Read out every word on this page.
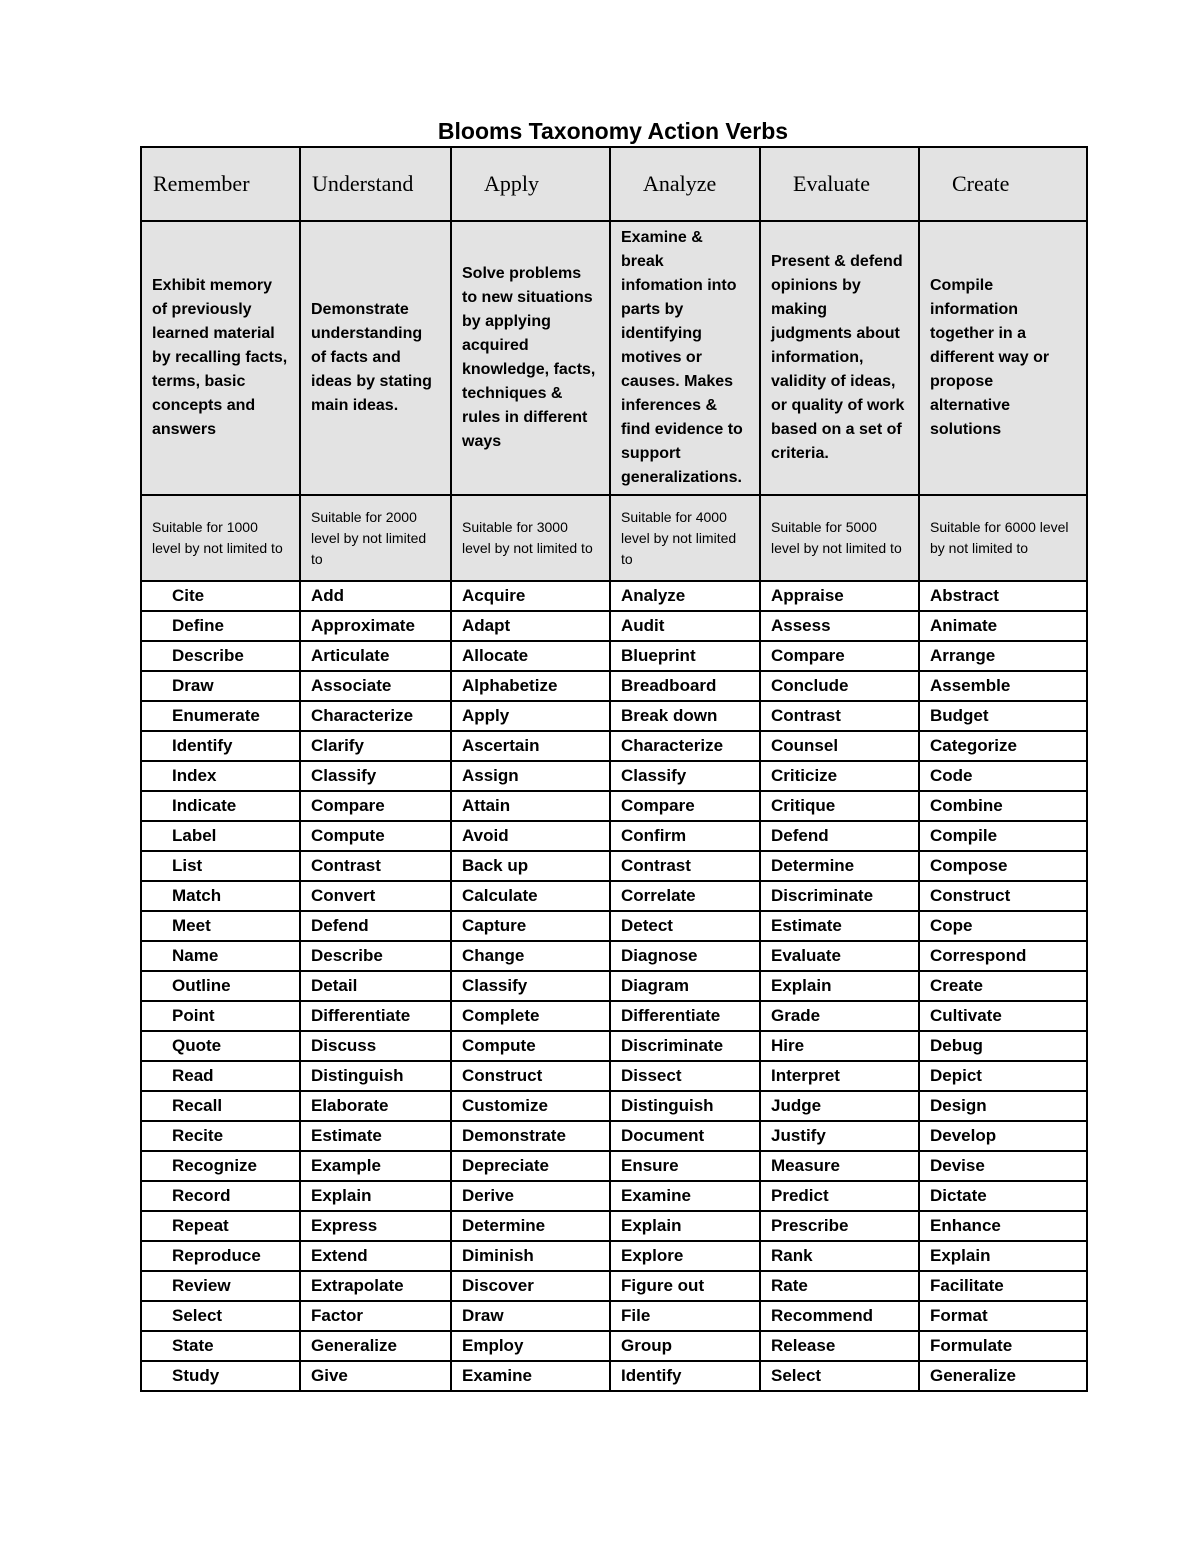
Blooms Taxonomy Action Verbs
Remember	Understand	Apply	Analyze	Evaluate	Create
Exhibit memory of previously learned material by recalling facts, terms, basic concepts and answers	Demonstrate understanding of facts and ideas by stating main ideas.	Solve problems to new situations by applying acquired knowledge, facts, techniques & rules in different ways	Examine & break infomation into parts by identifying motives or causes. Makes inferences & find evidence to support generalizations.	Present & defend opinions by making judgments about information, validity of ideas, or quality of work based on a set of criteria.	Compile information together in a different way or propose alternative solutions
Suitable for 1000 level by not limited to	Suitable for 2000 level by not limited to	Suitable for 3000 level by not limited to	Suitable for 4000 level by not limited to	Suitable for 5000 level by not limited to	Suitable for 6000 level by not limited to
Cite	Add	Acquire	Analyze	Appraise	Abstract
Define	Approximate	Adapt	Audit	Assess	Animate
Describe	Articulate	Allocate	Blueprint	Compare	Arrange
Draw	Associate	Alphabetize	Breadboard	Conclude	Assemble
Enumerate	Characterize	Apply	Break down	Contrast	Budget
Identify	Clarify	Ascertain	Characterize	Counsel	Categorize
Index	Classify	Assign	Classify	Criticize	Code
Indicate	Compare	Attain	Compare	Critique	Combine
Label	Compute	Avoid	Confirm	Defend	Compile
List	Contrast	Back up	Contrast	Determine	Compose
Match	Convert	Calculate	Correlate	Discriminate	Construct
Meet	Defend	Capture	Detect	Estimate	Cope
Name	Describe	Change	Diagnose	Evaluate	Correspond
Outline	Detail	Classify	Diagram	Explain	Create
Point	Differentiate	Complete	Differentiate	Grade	Cultivate
Quote	Discuss	Compute	Discriminate	Hire	Debug
Read	Distinguish	Construct	Dissect	Interpret	Depict
Recall	Elaborate	Customize	Distinguish	Judge	Design
Recite	Estimate	Demonstrate	Document	Justify	Develop
Recognize	Example	Depreciate	Ensure	Measure	Devise
Record	Explain	Derive	Examine	Predict	Dictate
Repeat	Express	Determine	Explain	Prescribe	Enhance
Reproduce	Extend	Diminish	Explore	Rank	Explain
Review	Extrapolate	Discover	Figure out	Rate	Facilitate
Select	Factor	Draw	File	Recommend	Format
State	Generalize	Employ	Group	Release	Formulate
Study	Give	Examine	Identify	Select	Generalize
